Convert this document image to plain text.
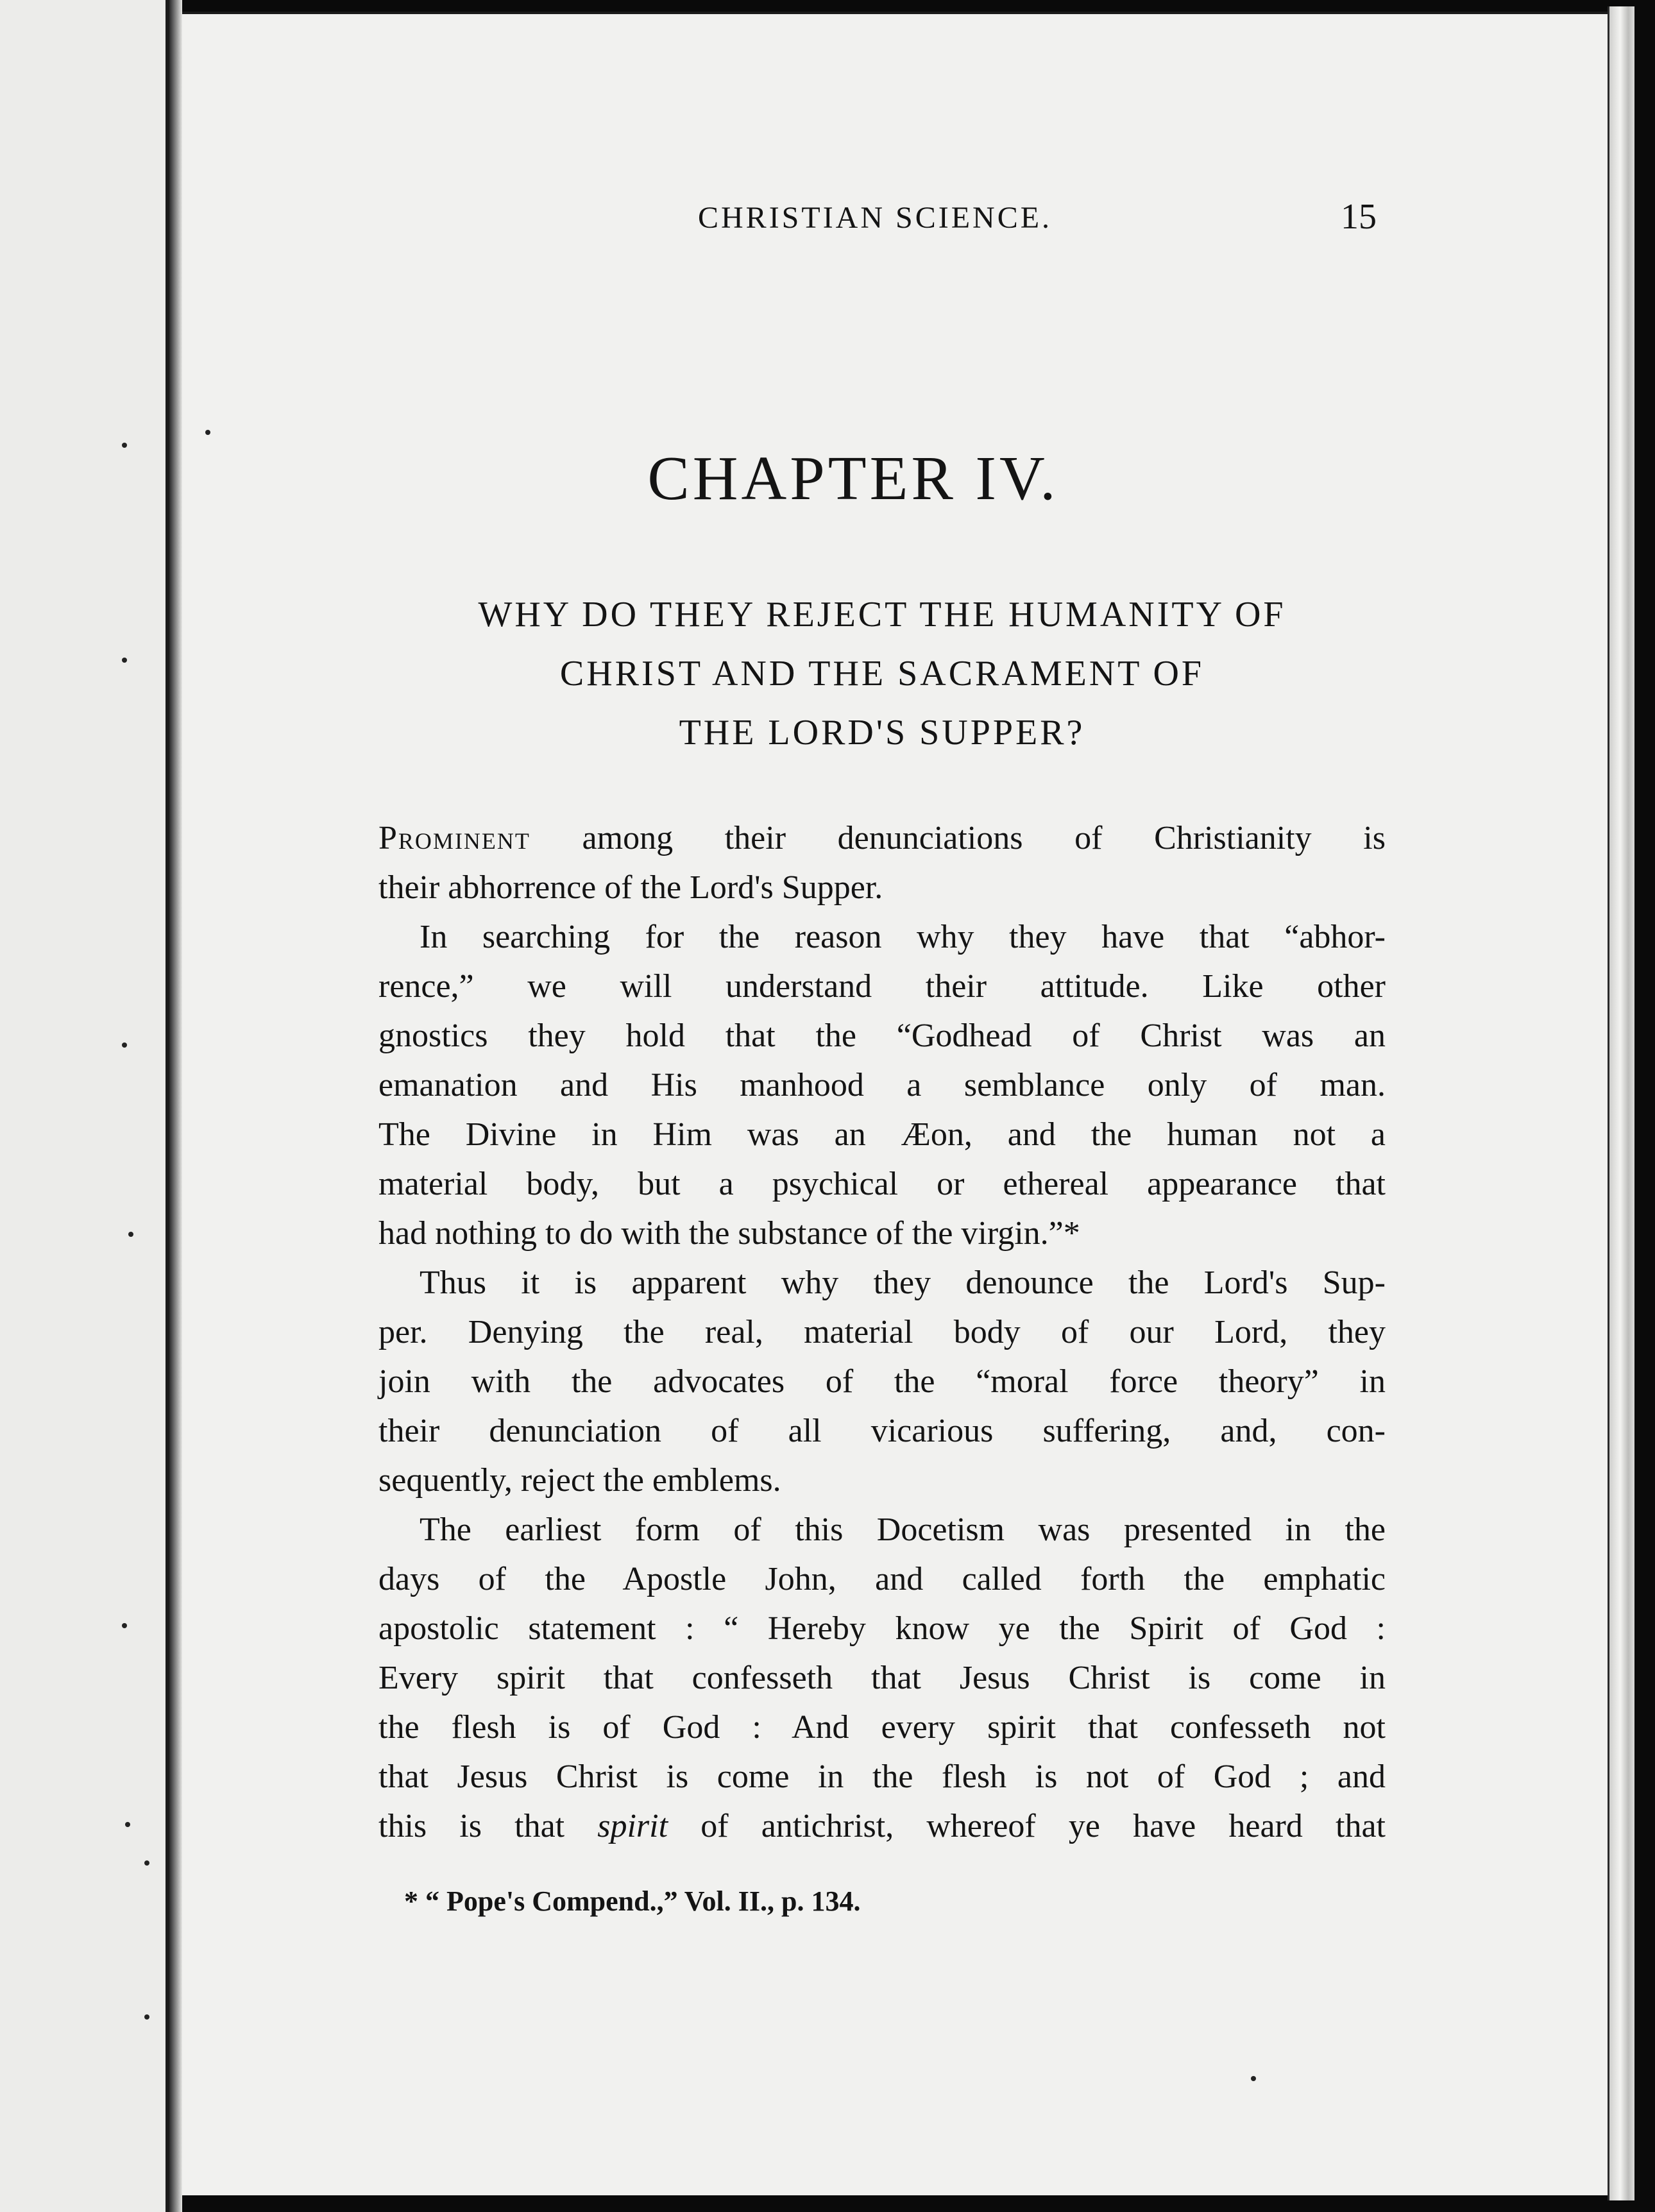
CHRISTIAN SCIENCE.	15
CHAPTER IV.
WHY DO THEY REJECT THE HUMANITY OF
CHRIST AND THE SACRAMENT OF
THE LORD'S SUPPER?
Prominent among their denunciations of Christianity is
their abhorrence of the Lord's Supper.
In searching for the reason why they have that “abhor-
rence,” we will understand their attitude. Like other
gnostics they hold that the “Godhead of Christ was an
emanation and His manhood a semblance only of man.
The Divine in Him was an Æon, and the human not a
material body, but a psychical or ethereal appearance that
had nothing to do with the substance of the virgin.”*
Thus it is apparent why they denounce the Lord's Sup-
per. Denying the real, material body of our Lord, they
join with the advocates of the “moral force theory” in
their denunciation of all vicarious suffering, and, con-
sequently, reject the emblems.
The earliest form of this Docetism was presented in the
days of the Apostle John, and called forth the emphatic
apostolic statement : “ Hereby know ye the Spirit of God :
Every spirit that confesseth that Jesus Christ is come in
the flesh is of God : And every spirit that confesseth not
that Jesus Christ is come in the flesh is not of God ; and
this is that spirit of antichrist, whereof ye have heard that
* “ Pope's Compend.,” Vol. II., p. 134.
